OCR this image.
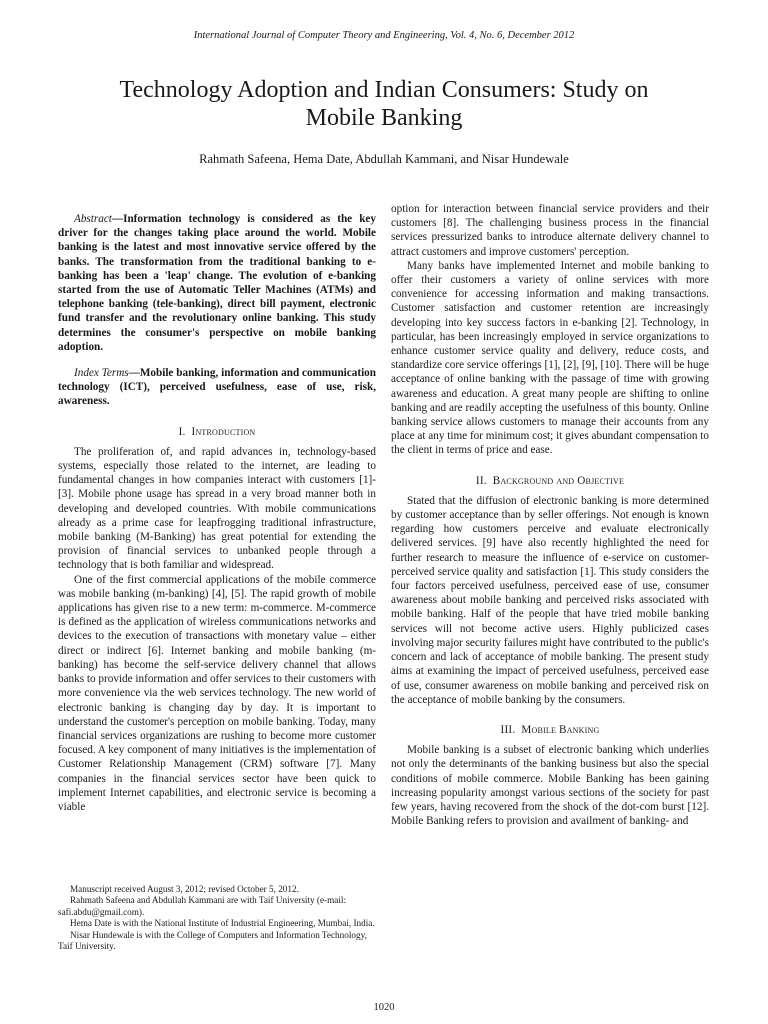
International Journal of Computer Theory and Engineering, Vol. 4, No. 6, December 2012

Technology Adoption and Indian Consumers: Study on Mobile Banking

Rahmath Safeena, Hema Date, Abdullah Kammani, and Nisar Hundewale

Abstract—Information technology is considered as the key driver for the changes taking place around the world. Mobile banking is the latest and most innovative service offered by the banks. The transformation from the traditional banking to e-banking has been a 'leap' change. The evolution of e-banking started from the use of Automatic Teller Machines (ATMs) and telephone banking (tele-banking), direct bill payment, electronic fund transfer and the revolutionary online banking. This study determines the consumer's perspective on mobile banking adoption.

Index Terms—Mobile banking, information and communication technology (ICT), perceived usefulness, ease of use, risk, awareness.

I. Introduction

The proliferation of, and rapid advances in, technology-based systems, especially those related to the internet, are leading to fundamental changes in how companies interact with customers [1]-[3]. Mobile phone usage has spread in a very broad manner both in developing and developed countries. With mobile communications already as a prime case for leapfrogging traditional infrastructure, mobile banking (M-Banking) has great potential for extending the provision of financial services to unbanked people through a technology that is both familiar and widespread.

One of the first commercial applications of the mobile commerce was mobile banking (m-banking) [4], [5]. The rapid growth of mobile applications has given rise to a new term: m-commerce. M-commerce is defined as the application of wireless communications networks and devices to the execution of transactions with monetary value – either direct or indirect [6]. Internet banking and mobile banking (m-banking) has become the self-service delivery channel that allows banks to provide information and offer services to their customers with more convenience via the web services technology. The new world of electronic banking is changing day by day. It is important to understand the customer's perception on mobile banking. Today, many financial services organizations are rushing to become more customer focused. A key component of many initiatives is the implementation of Customer Relationship Management (CRM) software [7]. Many companies in the financial services sector have been quick to implement Internet capabilities, and electronic service is becoming a viable

Manuscript received August 3, 2012; revised October 5, 2012.

Rahmath Safeena and Abdullah Kammani are with Taif University (e-mail: safi.abdu@gmail.com).

Hema Date is with the National Institute of Industrial Engineering, Mumbai, India.

Nisar Hundewale is with the College of Computers and Information Technology, Taif University.

option for interaction between financial service providers and their customers [8]. The challenging business process in the financial services pressurized banks to introduce alternate delivery channel to attract customers and improve customers' perception.

Many banks have implemented Internet and mobile banking to offer their customers a variety of online services with more convenience for accessing information and making transactions. Customer satisfaction and customer retention are increasingly developing into key success factors in e-banking [2]. Technology, in particular, has been increasingly employed in service organizations to enhance customer service quality and delivery, reduce costs, and standardize core service offerings [1], [2], [9], [10]. There will be huge acceptance of online banking with the passage of time with growing awareness and education. A great many people are shifting to online banking and are readily accepting the usefulness of this bounty. Online banking service allows customers to manage their accounts from any place at any time for minimum cost; it gives abundant compensation to the client in terms of price and ease.

II. Background and Objective

Stated that the diffusion of electronic banking is more determined by customer acceptance than by seller offerings. Not enough is known regarding how customers perceive and evaluate electronically delivered services. [9] have also recently highlighted the need for further research to measure the influence of e-service on customer-perceived service quality and satisfaction [1]. This study considers the four factors perceived usefulness, perceived ease of use, consumer awareness about mobile banking and perceived risks associated with mobile banking. Half of the people that have tried mobile banking services will not become active users. Highly publicized cases involving major security failures might have contributed to the public's concern and lack of acceptance of mobile banking. The present study aims at examining the impact of perceived usefulness, perceived ease of use, consumer awareness on mobile banking and perceived risk on the acceptance of mobile banking by the consumers.

III. Mobile Banking

Mobile banking is a subset of electronic banking which underlies not only the determinants of the banking business but also the special conditions of mobile commerce. Mobile Banking has been gaining increasing popularity amongst various sections of the society for past few years, having recovered from the shock of the dot-com burst [12]. Mobile Banking refers to provision and availment of banking- and

1020
